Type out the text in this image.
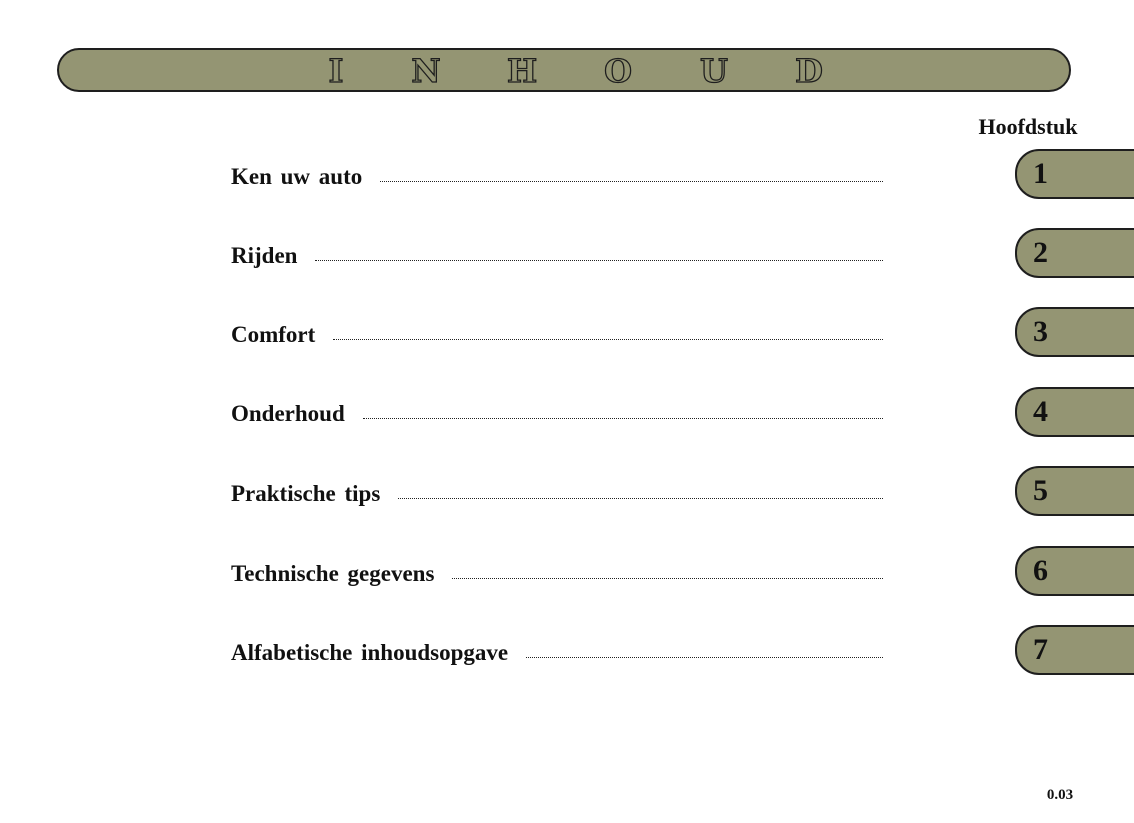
I N H O U D
Hoofdstuk
Ken uw auto
Rijden
Comfort
Onderhoud
Praktische tips
Technische gegevens
Alfabetische inhoudsopgave
1
2
3
4
5
6
7
0.03
